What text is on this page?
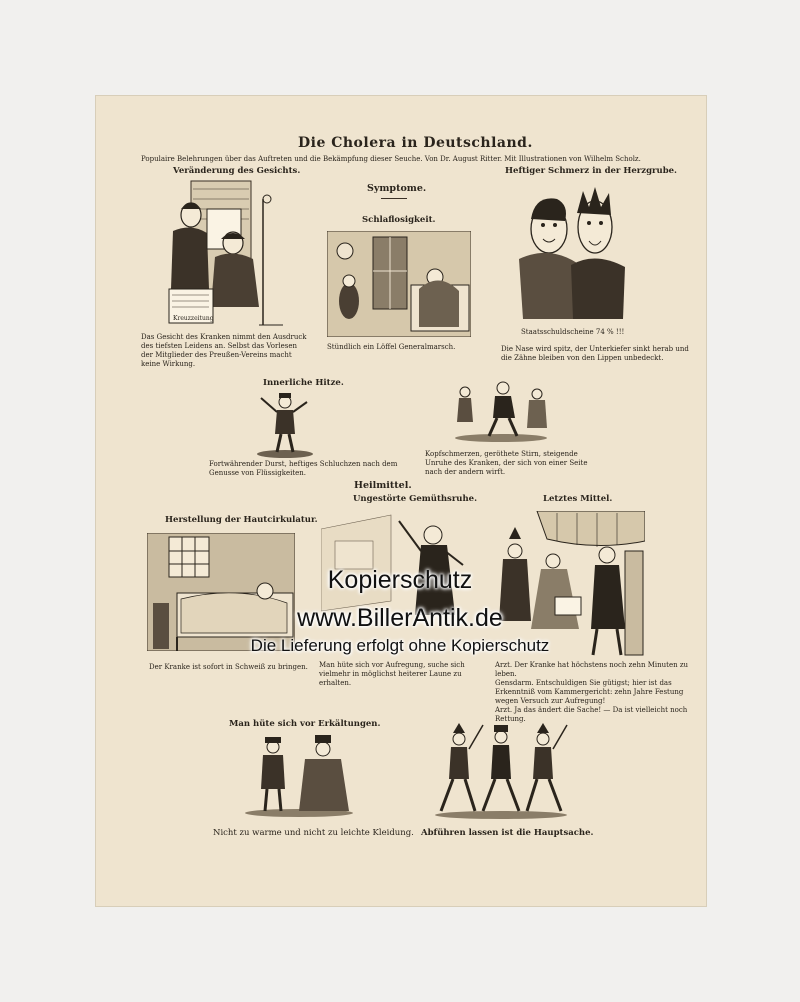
Die Cholera in Deutschland.
Populaire Belehrungen über das Auftreten und die Bekämpfung dieser Seuche. Von Dr. August Ritter. Mit Illustrationen von Wilhelm Scholz.
Veränderung des Gesichts.	Heftiger Schmerz in der Herzgrube.
Symptome.
Schlaflosigkeit.
Kreuzzeitung
Das Gesicht des Kranken nimmt den Ausdruck des tiefsten Leidens an. Selbst das Vorlesen der Mitglieder des Preußen-Vereins macht keine Wirkung.
Stündlich ein Löffel Generalmarsch.
Staatsschuldscheine 74 % !!!
Die Nase wird spitz, der Unterkiefer sinkt herab und die Zähne bleiben von den Lippen unbedeckt.
Innerliche Hitze.
Fortwährender Durst, heftiges Schluchzen nach dem Genusse von Flüssigkeiten.
Kopfschmerzen, geröthete Stirn, steigende Unruhe des Kranken, der sich von einer Seite nach der andern wirft.
Heilmittel.
Ungestörte Gemüthsruhe.	Letztes Mittel.
Herstellung der Hautcirkulatur.
Der Kranke ist sofort in Schweiß zu bringen.	Man hüte sich vor Aufregung, suche sich vielmehr in möglichst heiterer Laune zu erhalten.
Arzt. Der Kranke hat höchstens noch zehn Minuten zu leben.
Gensdarm. Entschuldigen Sie gütigst; hier ist das Erkenntniß vom Kammergericht: zehn Jahre Festung wegen Versuch zur Aufregung!
Arzt. Ja das ändert die Sache! — Da ist vielleicht noch Rettung.
Man hüte sich vor Erkältungen.
Nicht zu warme und nicht zu leichte Kleidung. Abführen lassen ist die Hauptsache.
Kopierschutz
www.BillerAntik.de
Die Lieferung erfolgt ohne Kopierschutz
